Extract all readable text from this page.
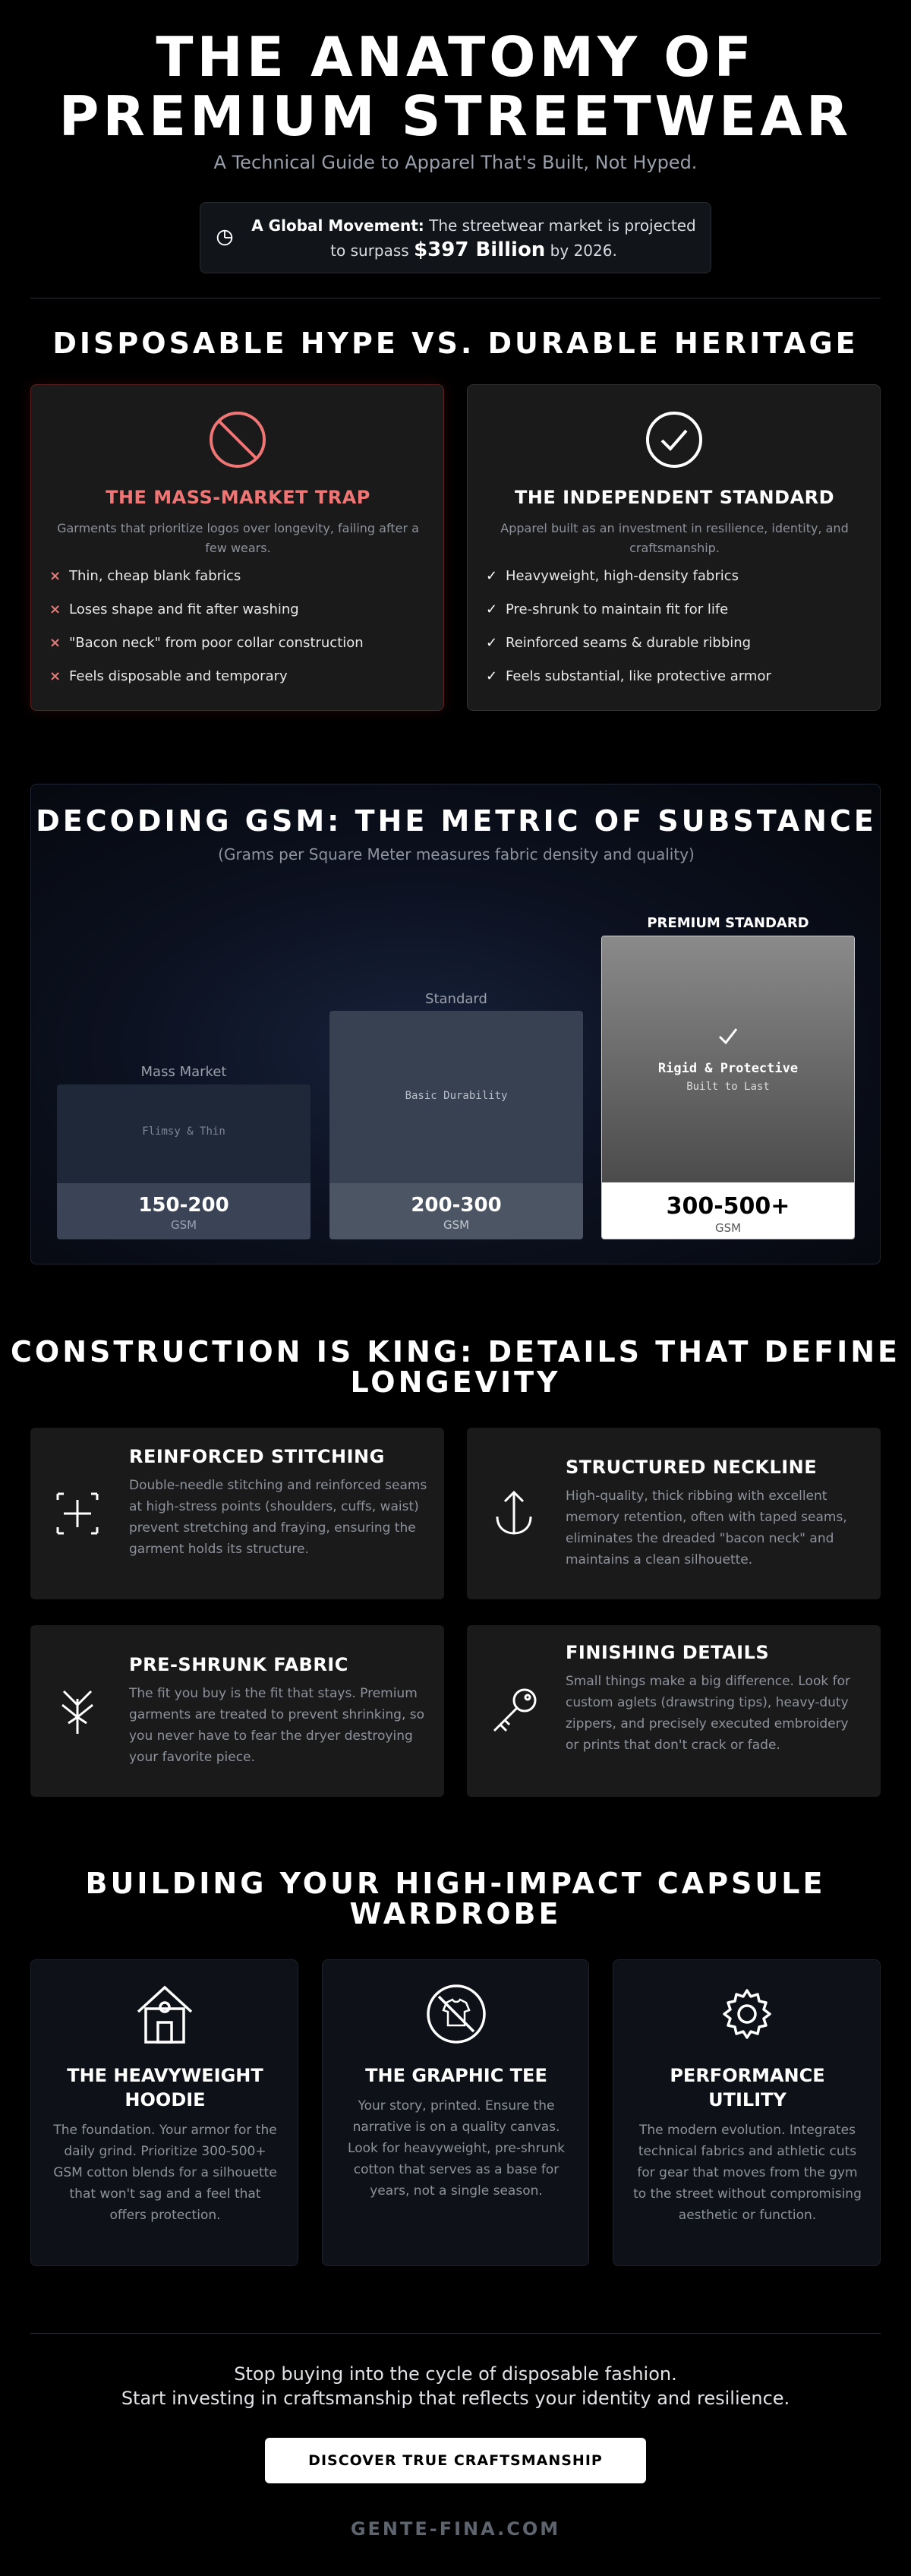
THE ANATOMY OF
PREMIUM STREETWEAR
A Technical Guide to Apparel That's Built, Not Hyped.
A Global Movement: The streetwear market is projected to surpass $397 Billion by 2026.
DISPOSABLE HYPE VS. DURABLE HERITAGE
THE MASS-MARKET TRAP
Garments that prioritize logos over longevity, failing after a few wears.
× Thin, cheap blank fabrics
× Loses shape and fit after washing
× "Bacon neck" from poor collar construction
× Feels disposable and temporary
THE INDEPENDENT STANDARD
Apparel built as an investment in resilience, identity, and craftsmanship.
✓ Heavyweight, high-density fabrics
✓ Pre-shrunk to maintain fit for life
✓ Reinforced seams & durable ribbing
✓ Feels substantial, like protective armor
DECODING GSM: THE METRIC OF SUBSTANCE
(Grams per Square Meter measures fabric density and quality)
Mass Market
Standard
PREMIUM STANDARD
Flimsy & Thin
150-200
GSM
Basic Durability
200-300
GSM
Rigid & Protective
Built to Last
300-500+
GSM
CONSTRUCTION IS KING: DETAILS THAT DEFINE
LONGEVITY
REINFORCED STITCHING
Double-needle stitching and reinforced seams at high-stress points (shoulders, cuffs, waist) prevent stretching and fraying, ensuring the garment holds its structure.
STRUCTURED NECKLINE
High-quality, thick ribbing with excellent memory retention, often with taped seams, eliminates the dreaded "bacon neck" and maintains a clean silhouette.
PRE-SHRUNK FABRIC
The fit you buy is the fit that stays. Premium garments are treated to prevent shrinking, so you never have to fear the dryer destroying your favorite piece.
FINISHING DETAILS
Small things make a big difference. Look for custom aglets (drawstring tips), heavy-duty zippers, and precisely executed embroidery or prints that don't crack or fade.
BUILDING YOUR HIGH-IMPACT CAPSULE
WARDROBE
THE HEAVYWEIGHT HOODIE
The foundation. Your armor for the daily grind. Prioritize 300-500+ GSM cotton blends for a silhouette that won't sag and a feel that offers protection.
THE GRAPHIC TEE
Your story, printed. Ensure the narrative is on a quality canvas. Look for heavyweight, pre-shrunk cotton that serves as a base for years, not a single season.
PERFORMANCE UTILITY
The modern evolution. Integrates technical fabrics and athletic cuts for gear that moves from the gym to the street without compromising aesthetic or function.
Stop buying into the cycle of disposable fashion.
Start investing in craftsmanship that reflects your identity and resilience.
DISCOVER TRUE CRAFTSMANSHIP
GENTE-FINA.COM
